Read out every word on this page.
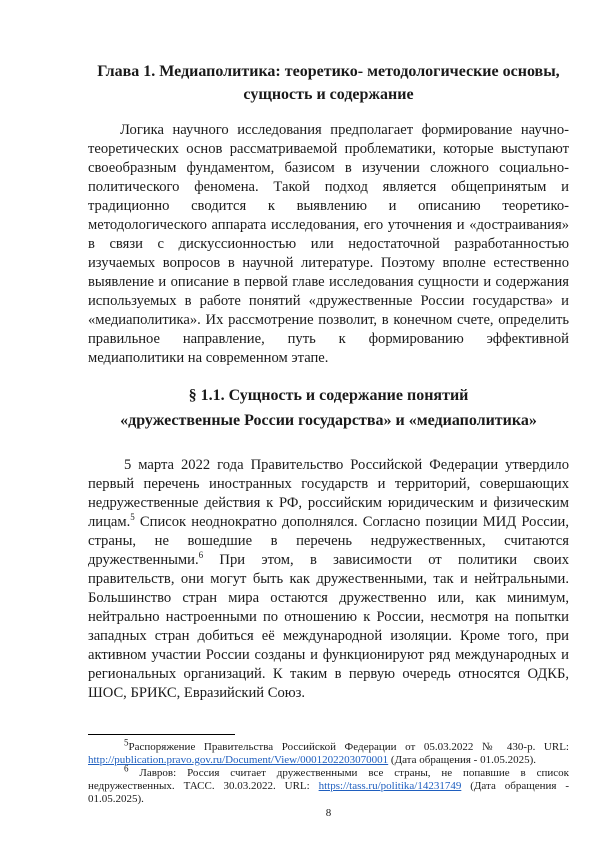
Глава 1. Медиаполитика: теоретико- методологические основы, сущность и содержание

Логика научного исследования предполагает формирование научно-теоретических основ рассматриваемой проблематики, которые выступают своеобразным фундаментом, базисом в изучении сложного социально-политического феномена. Такой подход является общепринятым и традиционно сводится к выявлению и описанию теоретико-методологического аппарата исследования, его уточнения и «достраивания» в связи с дискуссионностью или недостаточной разработанностью изучаемых вопросов в научной литературе. Поэтому вполне естественно выявление и описание в первой главе исследования сущности и содержания используемых в работе понятий «дружественные России государства» и «медиаполитика». Их рассмотрение позволит, в конечном счете, определить правильное направление, путь к формированию эффективной медиаполитики на современном этапе.

§ 1.1. Сущность и содержание понятий
«дружественные России государства» и «медиаполитика»

5 марта 2022 года Правительство Российской Федерации утвердило первый перечень иностранных государств и территорий, совершающих недружественные действия к РФ, российским юридическим и физическим лицам.$^5$ Список неоднократно дополнялся. Согласно позиции МИД России, страны, не вошедшие в перечень недружественных, считаются дружественными.$^6$ При этом, в зависимости от политики своих правительств, они могут быть как дружественными, так и нейтральными. Большинство стран мира остаются дружественно или, как минимум, нейтрально настроенными по отношению к России, несмотря на попытки западных стран добиться её международной изоляции. Кроме того, при активном участии России созданы и функционируют ряд международных и региональных организаций. К таким в первую очередь относятся ОДКБ, ШОС, БРИКС, Евразийский Союз.

$^5$Распоряжение Правительства Российской Федерации от 05.03.2022 № 430-р. URL: http://publication.pravo.gov.ru/Document/View/0001202203070001 (Дата обращения - 01.05.2025).

$^6$ Лавров: Россия считает дружественными все страны, не попавшие в список недружественных. ТАСС. 30.03.2022. URL: https://tass.ru/politika/14231749 (Дата обращения - 01.05.2025).

8
